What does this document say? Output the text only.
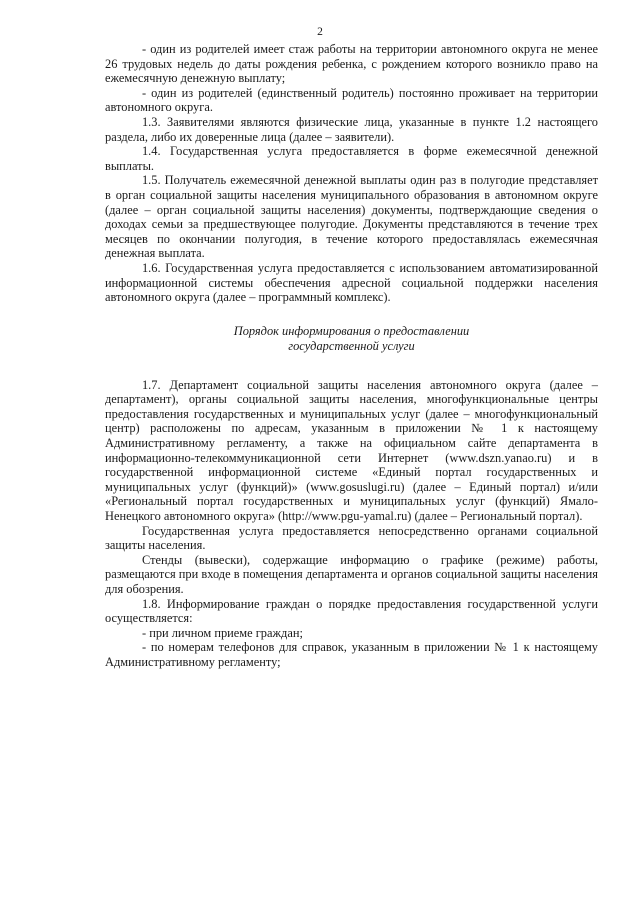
2

- один из родителей имеет стаж работы на территории автономного округа не менее 26 трудовых недель до даты рождения ребенка, с рождением которого возникло право на ежемесячную денежную выплату;

- один из родителей (единственный родитель) постоянно проживает на территории автономного округа.

1.3. Заявителями являются физические лица, указанные в пункте 1.2 настоящего раздела, либо их доверенные лица (далее – заявители).

1.4. Государственная услуга предоставляется в форме ежемесячной денежной выплаты.

1.5. Получатель ежемесячной денежной выплаты один раз в полугодие представляет в орган социальной защиты населения муниципального образования в автономном округе (далее – орган социальной защиты населения) документы, подтверждающие сведения о доходах семьи за предшествующее полугодие. Документы представляются в течение трех месяцев по окончании полугодия, в течение которого предоставлялась ежемесячная денежная выплата.

1.6. Государственная услуга предоставляется с использованием автоматизированной информационной системы обеспечения адресной социальной поддержки населения автономного округа (далее – программный комплекс).

Порядок информирования о предоставлении
государственной услуги

1.7. Департамент социальной защиты населения автономного округа (далее – департамент), органы социальной защиты населения, многофункциональные центры предоставления государственных и муниципальных услуг (далее – многофункциональный центр) расположены по адресам, указанным в приложении № 1 к настоящему Административному регламенту, а также на официальном сайте департамента в информационно-телекоммуникационной сети Интернет (www.dszn.yanao.ru) и в государственной информационной системе «Единый портал государственных и муниципальных услуг (функций)» (www.gosuslugi.ru) (далее – Единый портал) и/или «Региональный портал государственных и муниципальных услуг (функций) Ямало-Ненецкого автономного округа» (http://www.pgu-yamal.ru) (далее – Региональный портал).

Государственная услуга предоставляется непосредственно органами социальной защиты населения.

Стенды (вывески), содержащие информацию о графике (режиме) работы, размещаются при входе в помещения департамента и органов социальной защиты населения для обозрения.

1.8. Информирование граждан о порядке предоставления государственной услуги осуществляется:

- при личном приеме граждан;

- по номерам телефонов для справок, указанным в приложении № 1 к настоящему Административному регламенту;
